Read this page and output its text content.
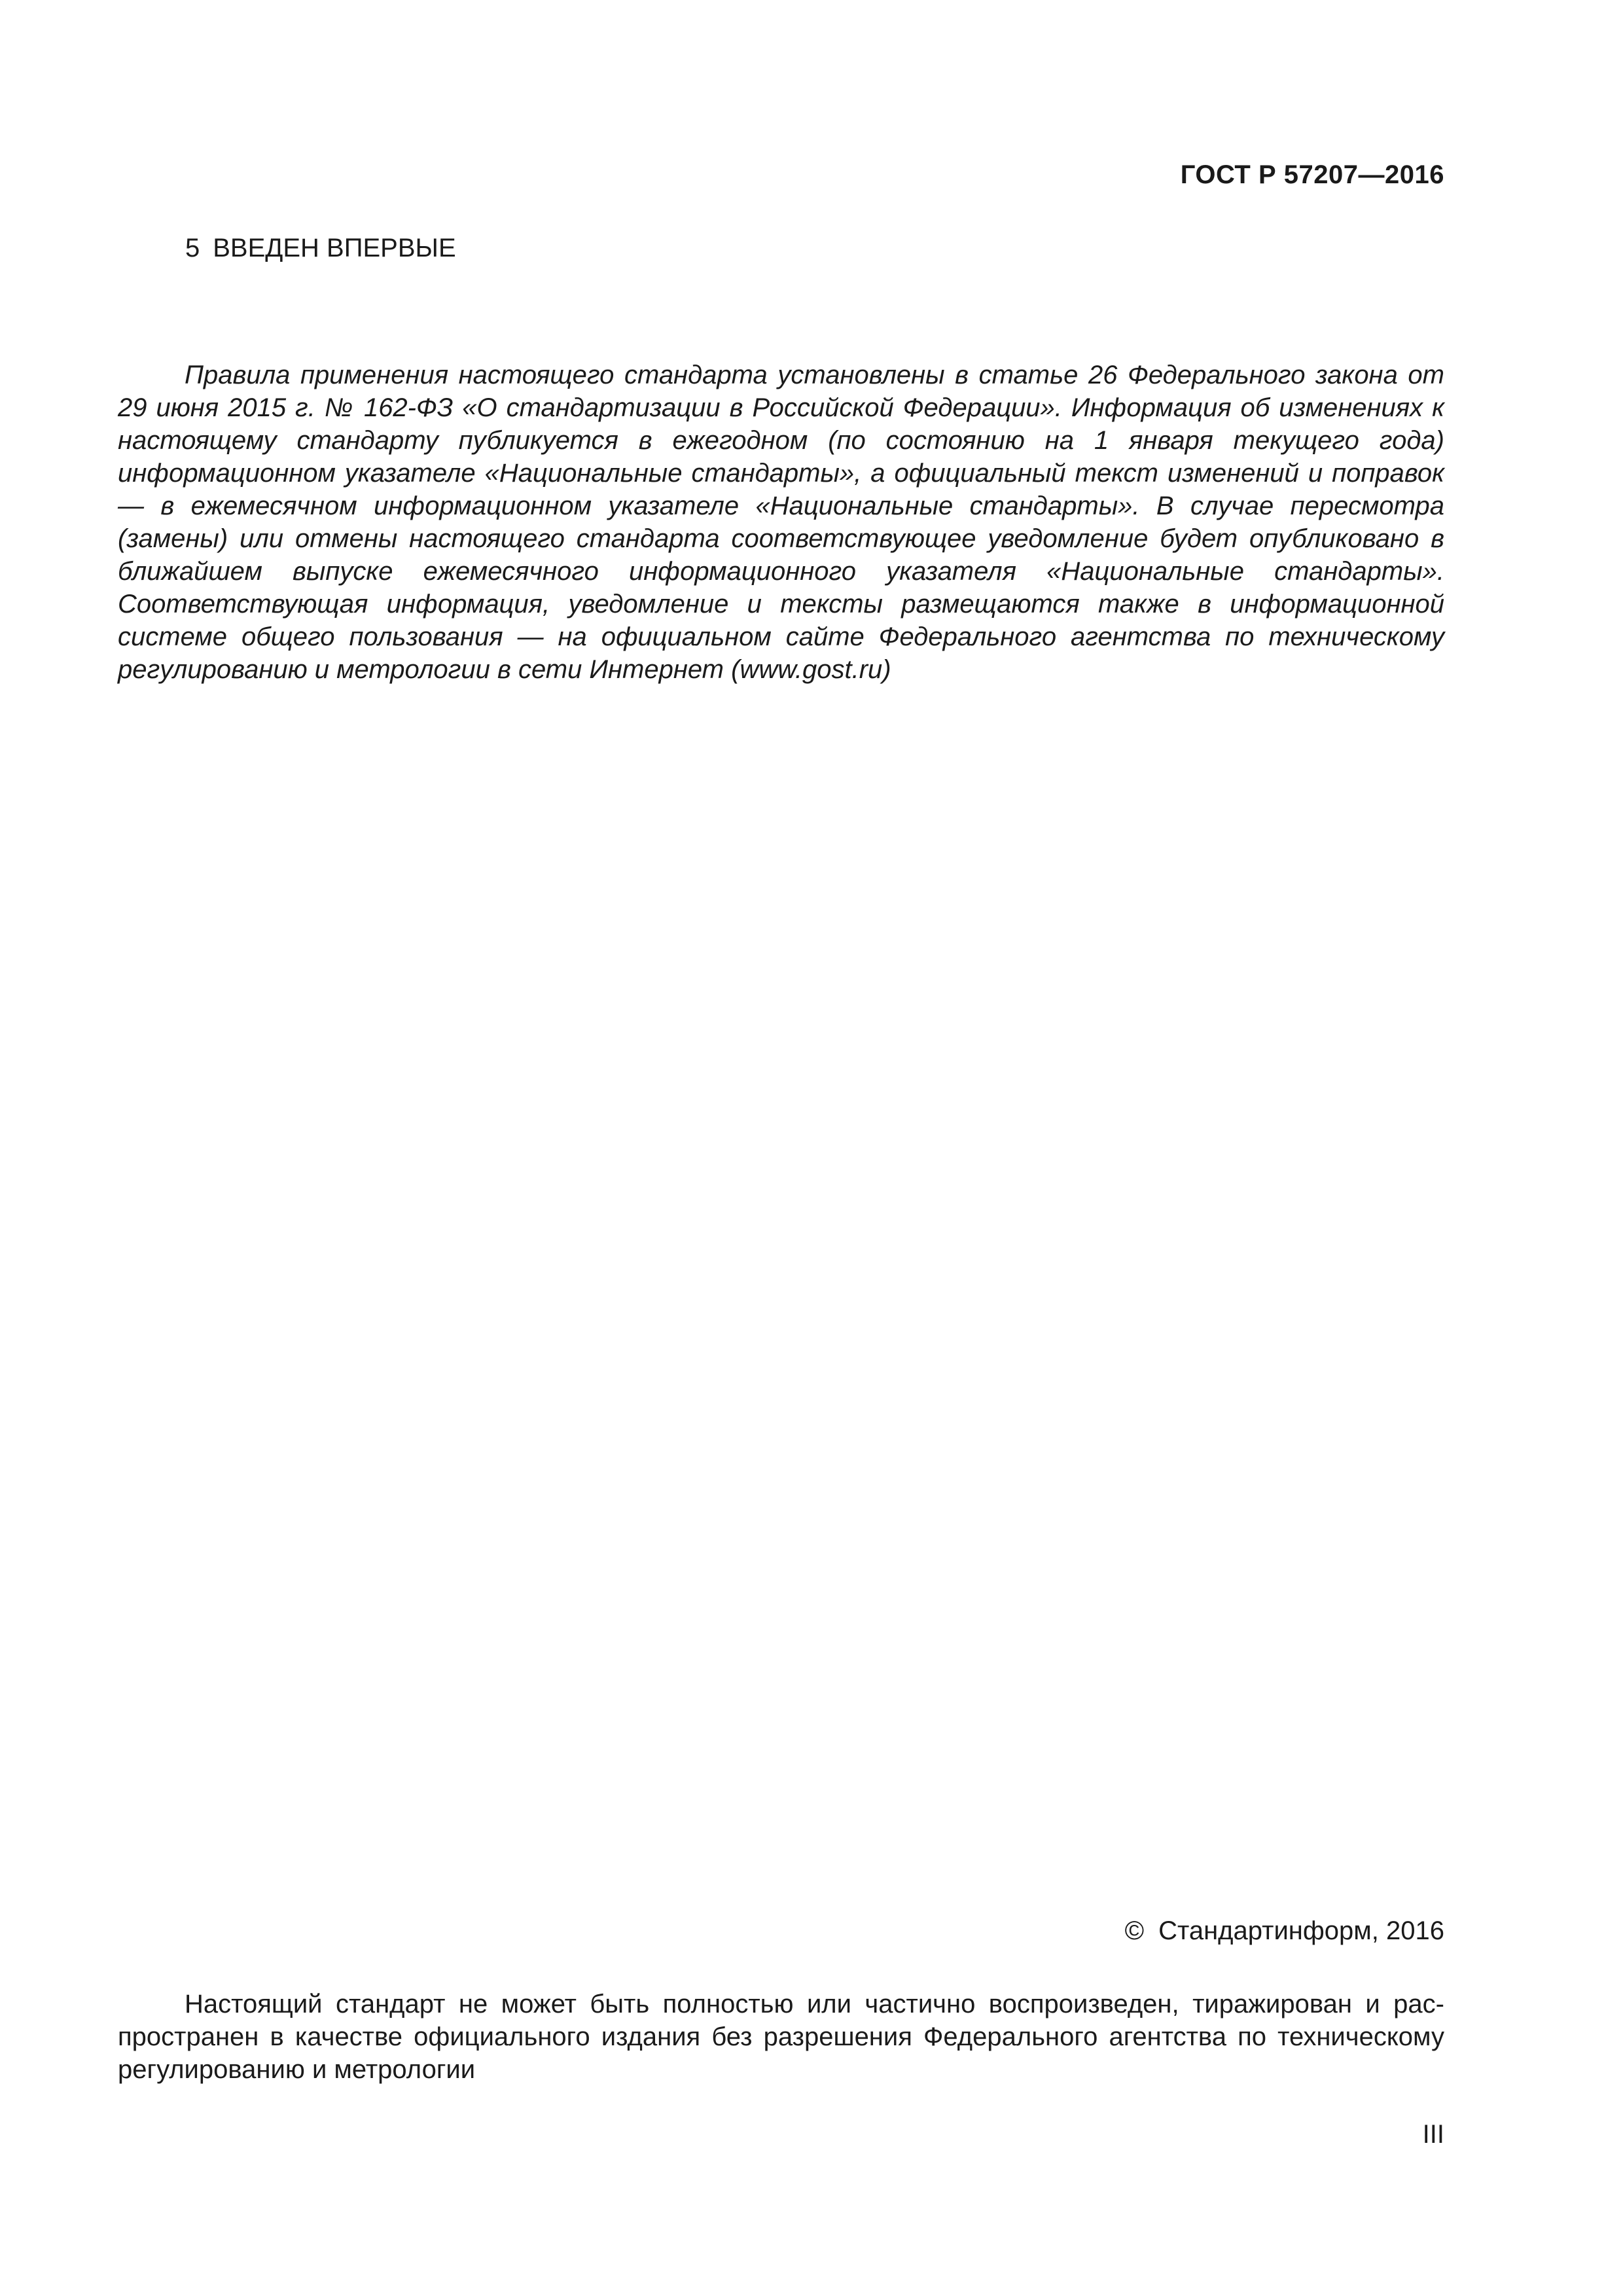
ГОСТ Р 57207—2016
5 ВВЕДЕН ВПЕРВЫЕ

Правила применения настоящего стандарта установлены в статье 26 Федерального закона от 29 июня 2015 г. № 162-ФЗ «О стандартизации в Российской Федерации». Информация об изменениях к настоящему стандарту публикуется в ежегодном (по состоянию на 1 января текущего года) информационном указателе «Национальные стандарты», а официальный текст изменений и поправок — в ежемесячном информационном указателе «Национальные стандарты». В случае пересмотра (замены) или отмены настоящего стандарта соответствующее уведомление будет опубликовано в ближайшем выпуске ежемесячного информационного указателя «Национальные стандарты». Соответствующая информация, уведомление и тексты размещаются также в информационной системе общего пользования — на официальном сайте Федерального агентства по техническому регулированию и метрологии в сети Интернет (www.gost.ru)

© Стандартинформ, 2016

Настоящий стандарт не может быть полностью или частично воспроизведен, тиражирован и распространен в качестве официального издания без разрешения Федерального агентства по техническому регулированию и метрологии

III
